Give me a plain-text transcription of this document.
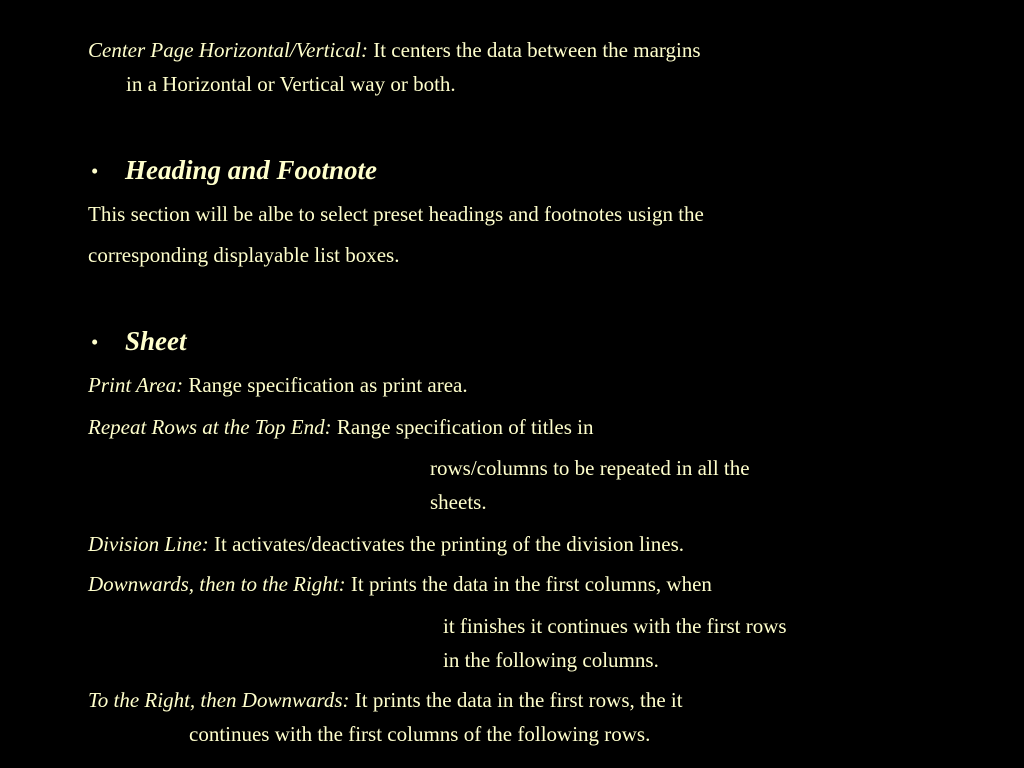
Center Page Horizontal/Vertical: It centers the data between the margins
in a Horizontal or Vertical way or both.
• Heading and Footnote
This section will be albe to select preset headings and footnotes usign the
corresponding displayable list boxes.
• Sheet
Print Area: Range specification as print area.
Repeat Rows at the Top End: Range specification of titles in
rows/columns to be repeated in all the
sheets.
Division Line: It activates/deactivates the printing of the division lines.
Downwards, then to the Right: It prints the data in the first columns, when
it finishes it continues with the first rows
in the following columns.
To the Right, then Downwards: It prints the data in the first rows, the it
continues with the first columns of the following rows.
